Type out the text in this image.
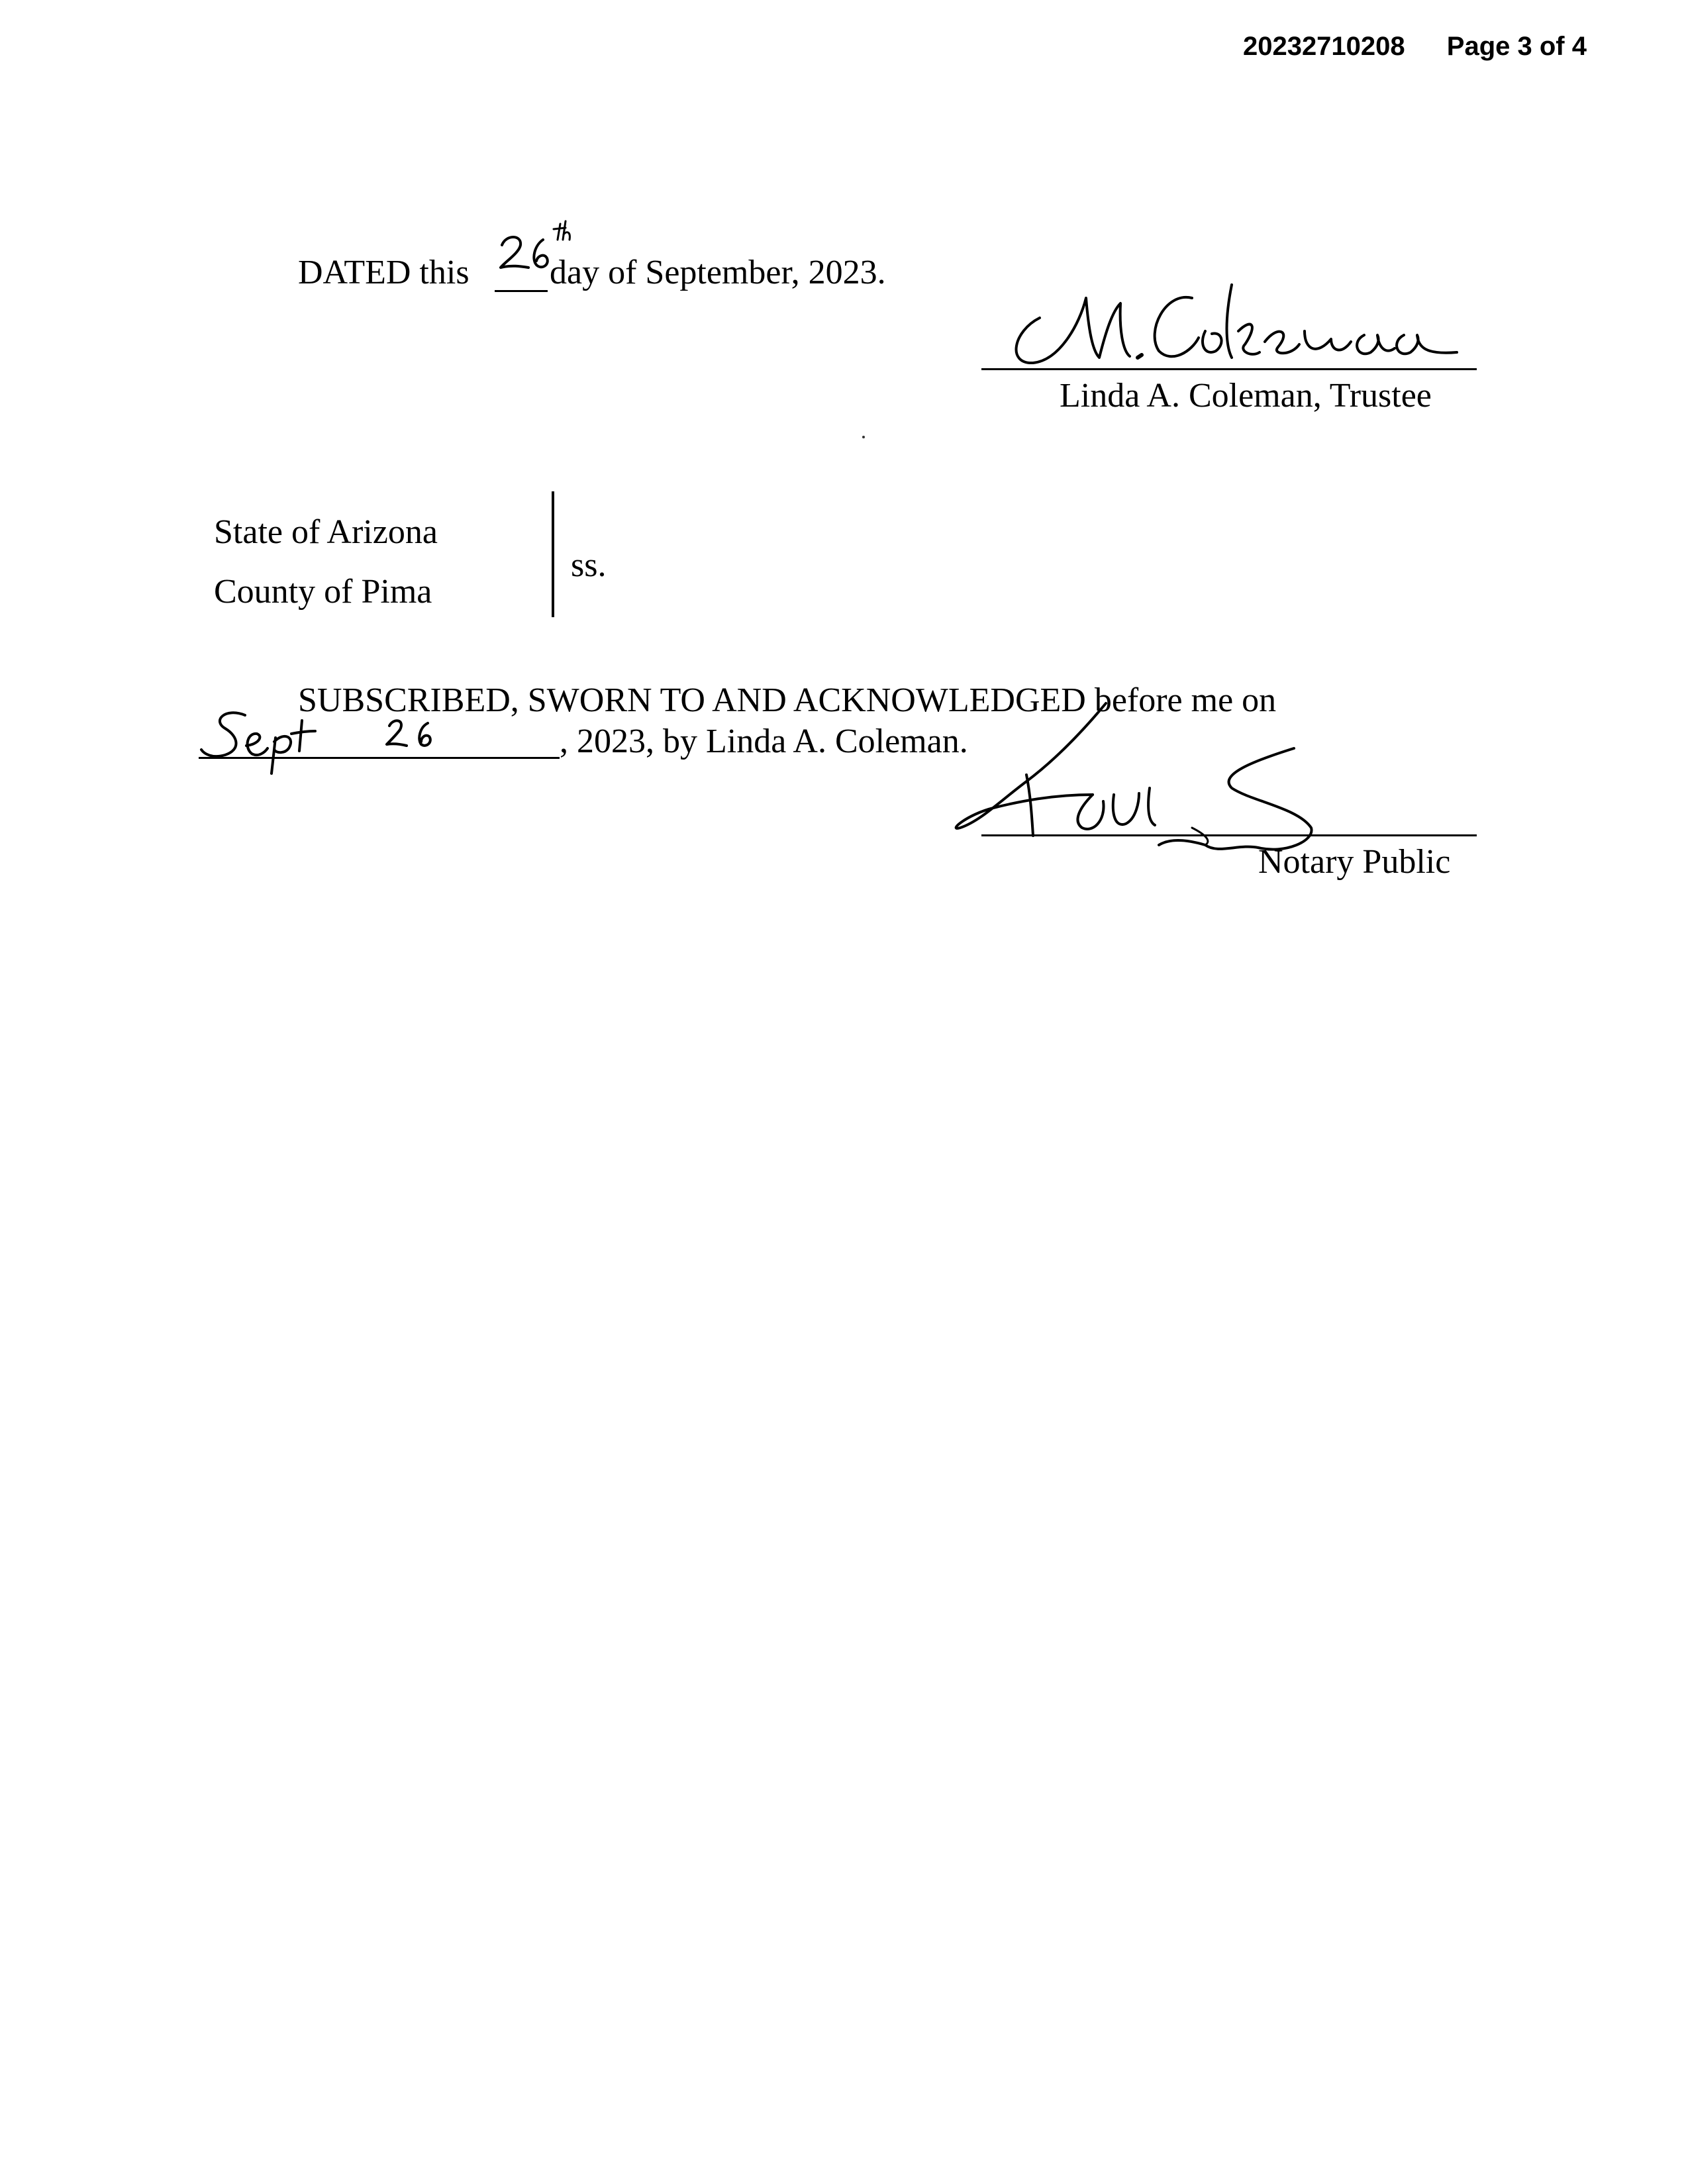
20232710208 Page 3 of 4
DATED this day of September, 2023.
Linda A. Coleman, Trustee
State of Arizona
County of Pima
ss.
SUBSCRIBED, SWORN TO AND ACKNOWLEDGED before me on
, 2023, by Linda A. Coleman.
Notary Public
